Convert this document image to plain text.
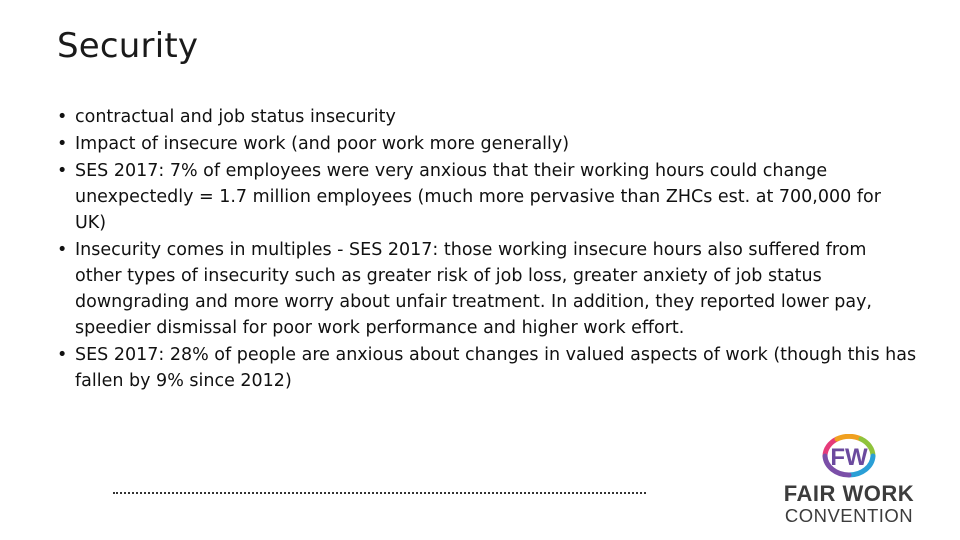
Security
• contractual and job status insecurity
• Impact of insecure work (and poor work more generally)
• SES 2017: 7% of employees were very anxious that their working hours could change unexpectedly = 1.7 million employees (much more pervasive than ZHCs est. at 700,000 for UK)
• Insecurity comes in multiples - SES 2017: those working insecure hours also suffered from other types of insecurity such as greater risk of job loss, greater anxiety of job status downgrading and more worry about unfair treatment. In addition, they reported lower pay, speedier dismissal for poor work performance and higher work effort.
• SES 2017: 28% of people are anxious about changes in valued aspects of work (though this has fallen by 9% since 2012)
FW
FAIR WORK
CONVENTION
